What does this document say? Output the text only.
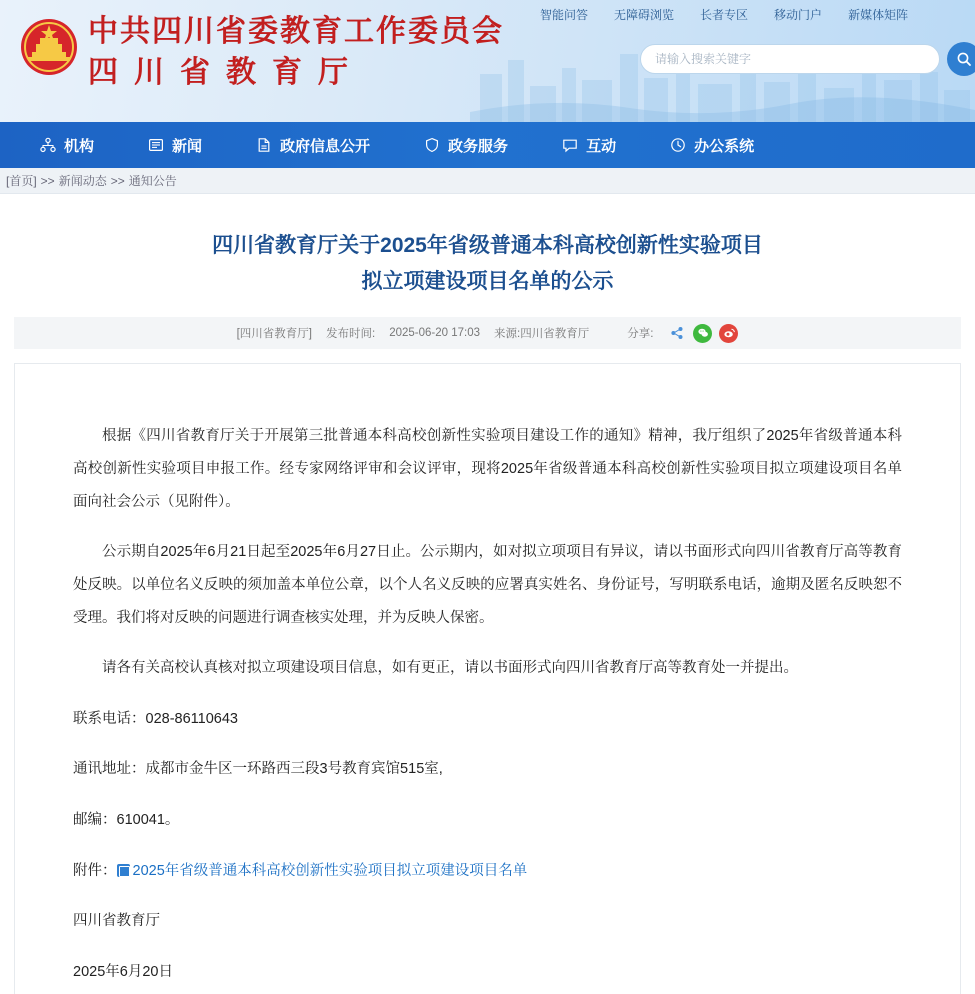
中共四川省委教育工作委员会
四川省教育厅
智能问答 无障碍浏览 长者专区 移动门户 新媒体矩阵
请输入搜索关键字
机构	新闻	政府信息公开	政务服务	互动	办公系统
[首页] >> 新闻动态 >> 通知公告
四川省教育厅关于2025年省级普通本科高校创新性实验项目
拟立项建设项目名单的公示
[四川省教育厅] 发布时间: 2025-06-20 17:03 来源:四川省教育厅	分享:

根据《四川省教育厅关于开展第三批普通本科高校创新性实验项目建设工作的通知》精神，我厅组织了2025年省级普通本科高校创新性实验项目申报工作。经专家网络评审和会议评审，现将2025年省级普通本科高校创新性实验项目拟立项建设项目名单面向社会公示（见附件）。

公示期自2025年6月21日起至2025年6月27日止。公示期内，如对拟立项项目有异议，请以书面形式向四川省教育厅高等教育处反映。以单位名义反映的须加盖本单位公章，以个人名义反映的应署真实姓名、身份证号，写明联系电话，逾期及匿名反映恕不受理。我们将对反映的问题进行调查核实处理，并为反映人保密。

请各有关高校认真核对拟立项建设项目信息，如有更正，请以书面形式向四川省教育厅高等教育处一并提出。

联系电话：028-86110643

通讯地址：成都市金牛区一环路西三段3号教育宾馆515室,

邮编：610041。

附件： 2025年省级普通本科高校创新性实验项目拟立项建设项目名单

四川省教育厅

2025年6月20日
